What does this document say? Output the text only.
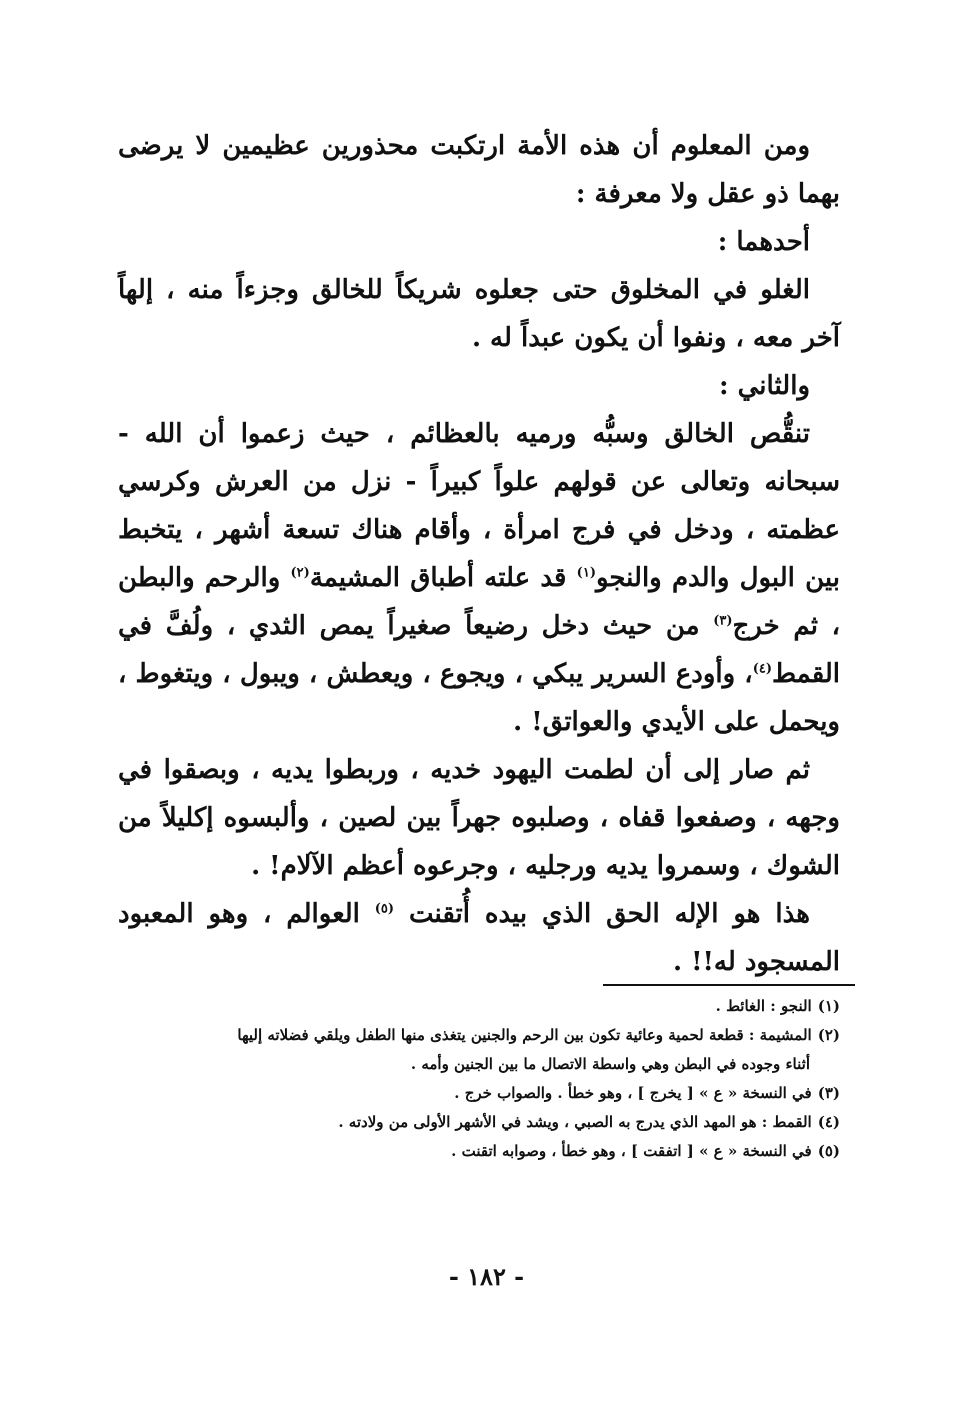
ومن المعلوم أن هذه الأمة ارتكبت محذورين عظيمين لا يرضى بهما ذو عقل ولا معرفة :

أحدهما :

الغلو في المخلوق حتى جعلوه شريكاً للخالق وجزءاً منه ، إلهاً آخر معه ، ونفوا أن يكون عبداً له .

والثاني :

تنقُّص الخالق وسبُّه ورميه بالعظائم ، حيث زعموا أن الله - سبحانه وتعالى عن قولهم علواً كبيراً - نزل من العرش وكرسي عظمته ، ودخل في فرج امرأة ، وأقام هناك تسعة أشهر ، يتخبط بين البول والدم والنجو$^{(١)}$ قد علته أطباق المشيمة$^{(٢)}$ والرحم والبطن ، ثم خرج$^{(٣)}$ من حيث دخل رضيعاً صغيراً يمص الثدي ، ولُفَّ في القمط$^{(٤)}$، وأودع السرير يبكي ، ويجوع ، ويعطش ، ويبول ، ويتغوط ، ويحمل على الأيدي والعواتق! .

ثم صار إلى أن لطمت اليهود خديه ، وربطوا يديه ، وبصقوا في وجهه ، وصفعوا قفاه ، وصلبوه جهراً بين لصين ، وألبسوه إكليلاً من الشوك ، وسمروا يديه ورجليه ، وجرعوه أعظم الآلام! .

هذا هو الإله الحق الذي بيده أُتقنت $^{(٥)}$ العوالم ، وهو المعبود المسجود له!! .

(١)النجو : الغائط .

(٢)المشيمة : قطعة لحمية وعائية تكون بين الرحم والجنين يتغذى منها الطفل ويلقي فضلاته إليها
أثناء وجوده في البطن وهي واسطة الاتصال ما بين الجنين وأمه .

(٣)في النسخة « ع » [ يخرج ] ، وهو خطأ . والصواب خرج .

(٤)القمط : هو المهد الذي يدرج به الصبي ، ويشد في الأشهر الأولى من ولادته .

(٥)في النسخة « ع » [ اتفقت ] ، وهو خطأ ، وصوابه اتقنت .

- ١٨٢ -
